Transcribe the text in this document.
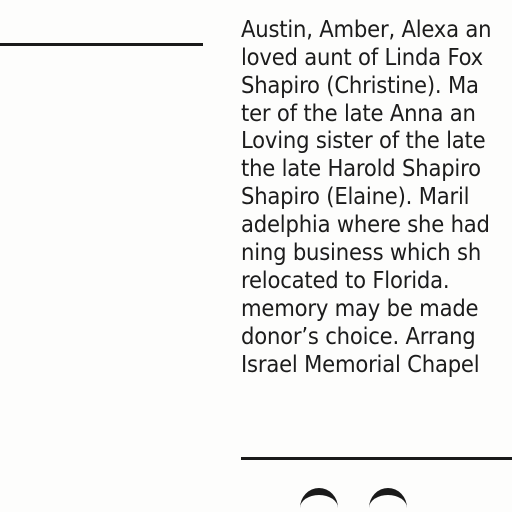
Austin, Amber, Alexa an
loved aunt of Linda Fox
Shapiro (Christine). Ma
ter of the late Anna an
Loving sister of the late
the late Harold Shapiro
Shapiro (Elaine). Maril
adelphia where she had
ning business which sh
relocated to Florida.
memory may be made
donor’s choice. Arrang
Israel Memorial Chapel
